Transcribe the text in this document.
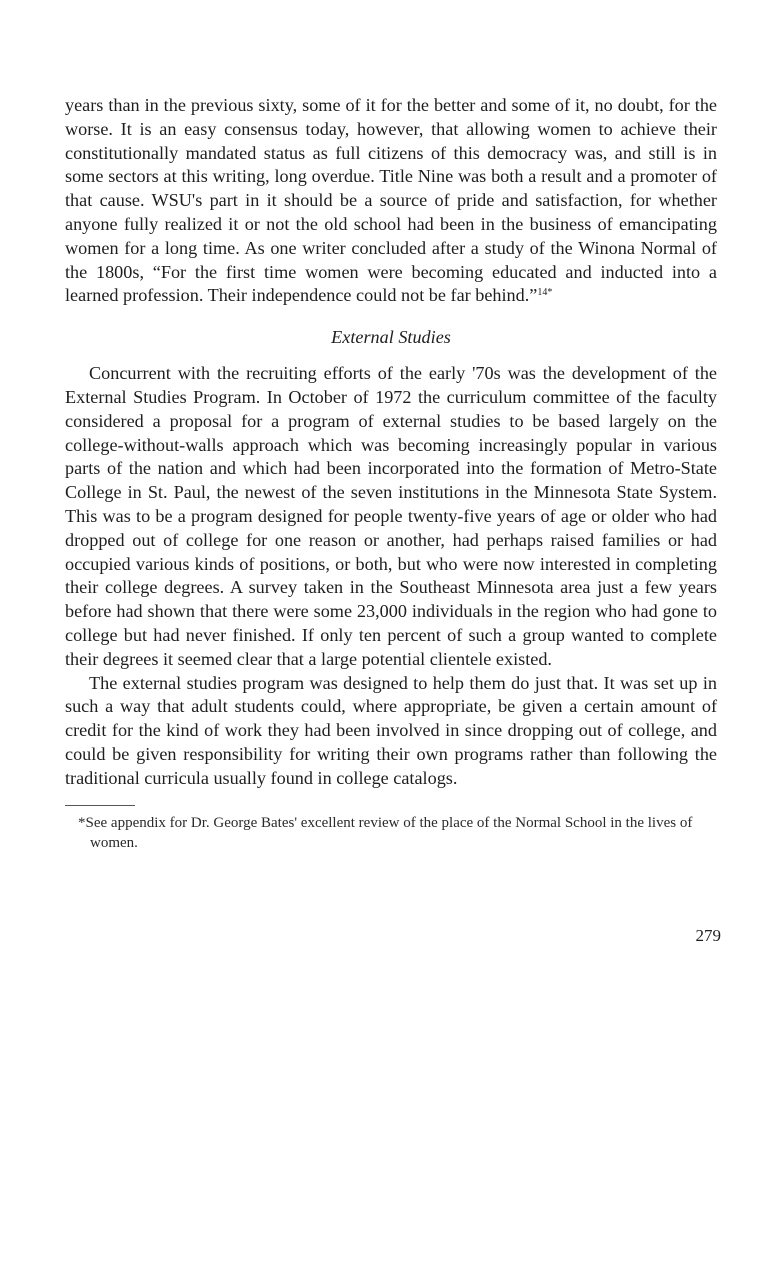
years than in the previous sixty, some of it for the better and some of it, no doubt, for the worse. It is an easy consensus today, however, that allowing women to achieve their constitutionally mandated status as full citizens of this democracy was, and still is in some sectors at this writing, long overdue. Title Nine was both a result and a promoter of that cause. WSU's part in it should be a source of pride and satisfaction, for whether anyone fully realized it or not the old school had been in the business of emancipating women for a long time. As one writer concluded after a study of the Winona Normal of the 1800s, “For the first time women were becoming educated and inducted into a learned profession. Their independence could not be far behind.”$^{14*}$

External Studies

Concurrent with the recruiting efforts of the early '70s was the development of the External Studies Program. In October of 1972 the curriculum committee of the faculty considered a proposal for a program of external studies to be based largely on the college-without-walls approach which was becoming increasingly popular in various parts of the nation and which had been incorporated into the formation of Metro-State College in St. Paul, the newest of the seven institutions in the Minnesota State System. This was to be a program designed for people twenty-five years of age or older who had dropped out of college for one reason or another, had perhaps raised families or had occupied various kinds of positions, or both, but who were now interested in completing their college degrees. A survey taken in the Southeast Minnesota area just a few years before had shown that there were some 23,000 individuals in the region who had gone to college but had never finished. If only ten percent of such a group wanted to complete their degrees it seemed clear that a large potential clientele existed.

The external studies program was designed to help them do just that. It was set up in such a way that adult students could, where appropriate, be given a certain amount of credit for the kind of work they had been involved in since dropping out of college, and could be given responsibility for writing their own programs rather than following the traditional curricula usually found in college catalogs.

*See appendix for Dr. George Bates' excellent review of the place of the Normal School in the lives of women.

279
